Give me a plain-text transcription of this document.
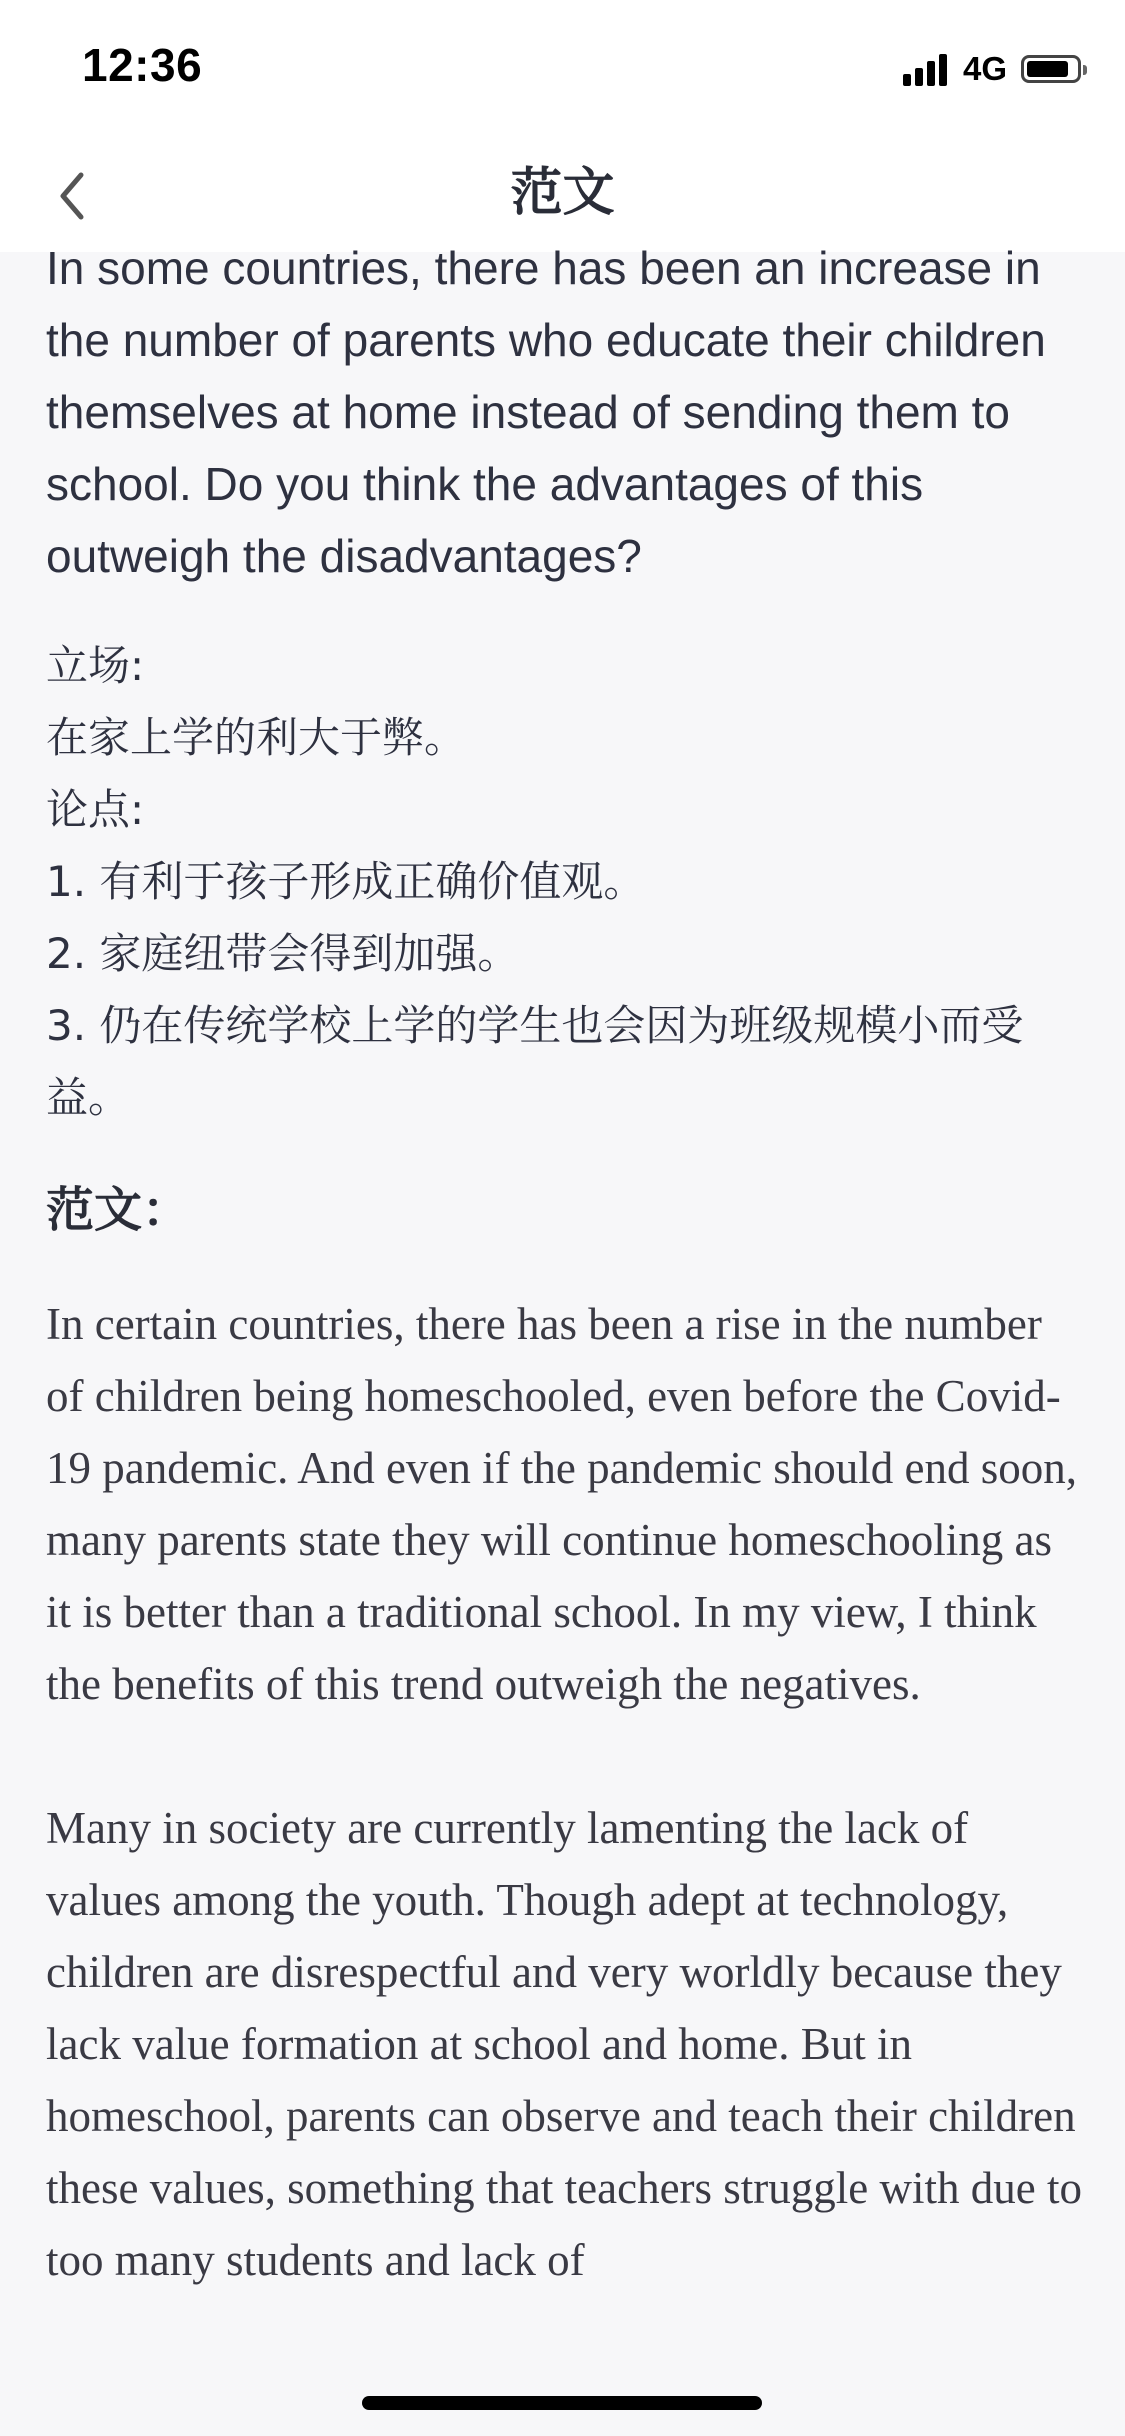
12:36	4G
范文

In some countries, there has been an increase in the number of parents who educate their children themselves at home instead of sending them to school. Do you think the advantages of this outweigh the disadvantages?

立场:

在家上学的利大于弊。

论点:

1. 有利于孩子形成正确价值观。

2. 家庭纽带会得到加强。

3. 仍在传统学校上学的学生也会因为班级规模小而受益。

范文：

In certain countries, there has been a rise in the number of children being homeschooled, even before the Covid-19 pandemic. And even if the pandemic should end soon, many parents state they will continue homeschooling as it is better than a traditional school. In my view, I think the benefits of this trend outweigh the negatives.

Many in society are currently lamenting the lack of values among the youth. Though adept at technology, children are disrespectful and very worldly because they lack value formation at school and home. But in homeschool, parents can observe and teach their children these values, something that teachers struggle with due to too many students and lack of
